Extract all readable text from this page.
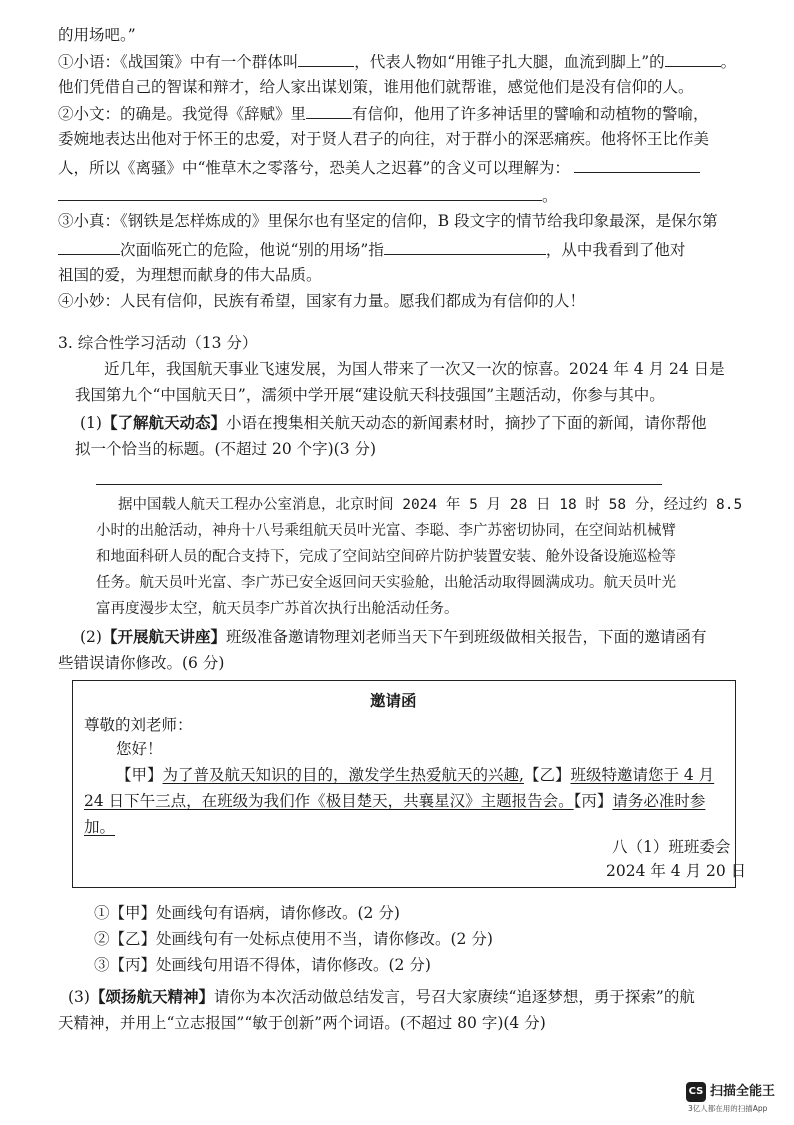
的用场吧。”
①小语：《战国策》中有一个群体叫	，代表人物如“用锥子扎大腿，血流到脚上”的	。
他们凭借自己的智谋和辩才，给人家出谋划策，谁用他们就帮谁，感觉他们是没有信仰的人。
②小文：的确是。我觉得《辞赋》里	有信仰，他用了许多神话里的譬喻和动植物的警喻，
委婉地表达出他对于怀王的忠爱，对于贤人君子的向往，对于群小的深恶痛疾。他将怀王比作美
人，所以《离骚》中“惟草木之零落兮，恐美人之迟暮”的含义可以理解为：
。
③小真：《钢铁是怎样炼成的》里保尔也有坚定的信仰，B 段文字的情节给我印象最深，是保尔第
次面临死亡的危险，他说“别的用场”指	，从中我看到了他对
祖国的爱，为理想而献身的伟大品质。
④小妙：人民有信仰，民族有希望，国家有力量。愿我们都成为有信仰的人！
3. 综合性学习活动（13 分）
近几年，我国航天事业飞速发展，为国人带来了一次又一次的惊喜。2024 年 4 月 24 日是
我国第九个“中国航天日”，濡须中学开展“建设航天科技强国”主题活动，你参与其中。
(1)【了解航天动态】小语在搜集相关航天动态的新闻素材时，摘抄了下面的新闻，请你帮他
拟一个恰当的标题。(不超过 20 个字)(3 分)
据中国载人航天工程办公室消息，北京时间 2024 年 5 月 28 日 18 时 58 分，经过约 8.5
小时的出舱活动，神舟十八号乘组航天员叶光富、李聪、李广苏密切协同，在空间站机械臂
和地面科研人员的配合支持下，完成了空间站空间碎片防护装置安装、舱外设备设施巡检等
任务。航天员叶光富、李广苏已安全返回问天实验舱，出舱活动取得圆满成功。航天员叶光
富再度漫步太空，航天员李广苏首次执行出舱活动任务。
(2)【开展航天讲座】班级准备邀请物理刘老师当天下午到班级做相关报告，下面的邀请函有
些错误请你修改。(6 分)
邀请函
尊敬的刘老师：
您好！
【甲】为了普及航天知识的目的，激发学生热爱航天的兴趣,【乙】班级特邀请您于 4 月
24 日下午三点，在班级为我们作《极目楚天，共襄星汉》主题报告会。【丙】请务必准时参
加。
八（1）班班委会
2024 年 4 月 20 日
①【甲】处画线句有语病，请你修改。(2 分)
②【乙】处画线句有一处标点使用不当，请你修改。(2 分)
③【丙】处画线句用语不得体，请你修改。(2 分)
(3)【颂扬航天精神】请你为本次活动做总结发言，号召大家赓续“追逐梦想，勇于探索”的航
天精神，并用上“立志报国”“敏于创新”两个词语。(不超过 80 字)(4 分)
CS 扫描全能王
3亿人都在用的扫描App
